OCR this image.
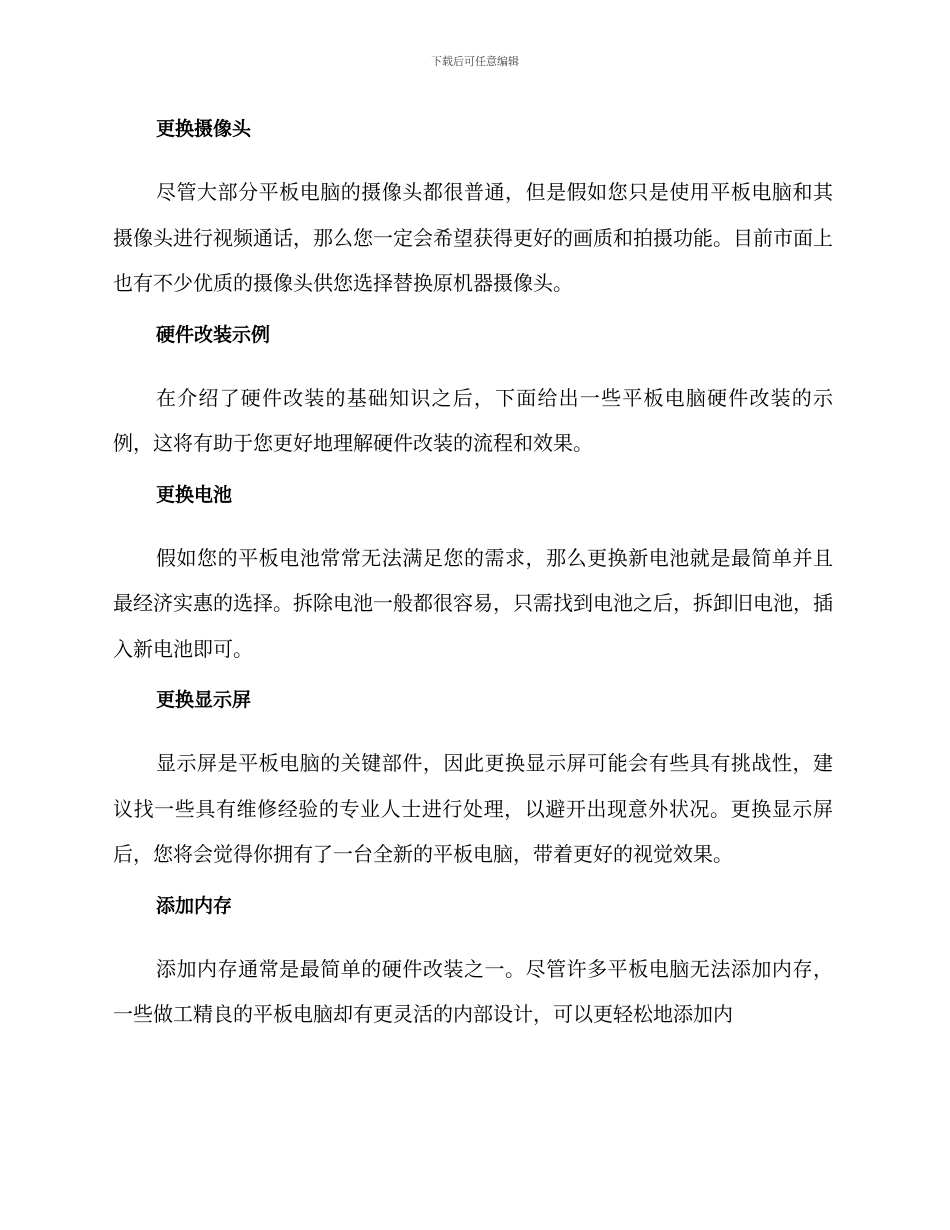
下载后可任意编辑
更换摄像头

尽管大部分平板电脑的摄像头都很普通，但是假如您只是使用平板电脑和其摄像头进行视频通话，那么您一定会希望获得更好的画质和拍摄功能。目前市面上也有不少优质的摄像头供您选择替换原机器摄像头。

硬件改装示例

在介绍了硬件改装的基础知识之后，下面给出一些平板电脑硬件改装的示例，这将有助于您更好地理解硬件改装的流程和效果。

更换电池

假如您的平板电池常常无法满足您的需求，那么更换新电池就是最简单并且最经济实惠的选择。拆除电池一般都很容易，只需找到电池之后，拆卸旧电池，插入新电池即可。

更换显示屏

显示屏是平板电脑的关键部件，因此更换显示屏可能会有些具有挑战性，建议找一些具有维修经验的专业人士进行处理，以避开出现意外状况。更换显示屏后，您将会觉得你拥有了一台全新的平板电脑，带着更好的视觉效果。

添加内存

添加内存通常是最简单的硬件改装之一。尽管许多平板电脑无法添加内存，一些做工精良的平板电脑却有更灵活的内部设计，可以更轻松地添加内
